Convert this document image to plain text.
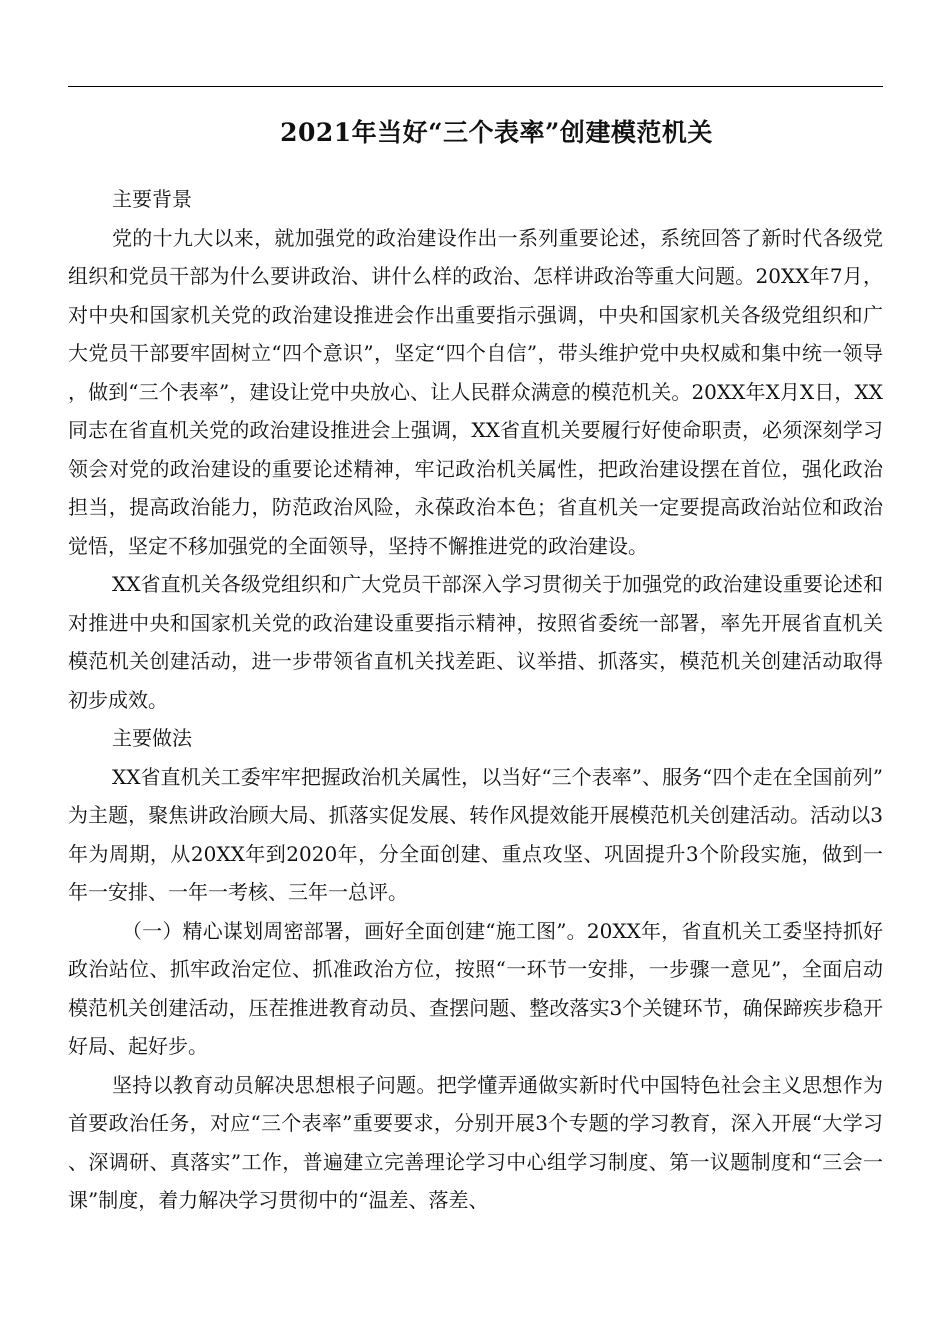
2021年当好“三个表率”创建模范机关

主要背景

党的十九大以来，就加强党的政治建设作出一系列重要论述，系统回答了新时代各级党组织和党员干部为什么要讲政治、讲什么样的政治、怎样讲政治等重大问题。20XX年7月，对中央和国家机关党的政治建设推进会作出重要指示强调，中央和国家机关各级党组织和广大党员干部要牢固树立“四个意识”，坚定“四个自信”，带头维护党中央权威和集中统一领导，做到“三个表率”，建设让党中央放心、让人民群众满意的模范机关。20XX年X月X日，XX同志在省直机关党的政治建设推进会上强调，XX省直机关要履行好使命职责，必须深刻学习领会对党的政治建设的重要论述精神，牢记政治机关属性，把政治建设摆在首位，强化政治担当，提高政治能力，防范政治风险，永葆政治本色；省直机关一定要提高政治站位和政治觉悟，坚定不移加强党的全面领导，坚持不懈推进党的政治建设。

XX省直机关各级党组织和广大党员干部深入学习贯彻关于加强党的政治建设重要论述和对推进中央和国家机关党的政治建设重要指示精神，按照省委统一部署，率先开展省直机关模范机关创建活动，进一步带领省直机关找差距、议举措、抓落实，模范机关创建活动取得初步成效。

主要做法

XX省直机关工委牢牢把握政治机关属性，以当好“三个表率”、服务“四个走在全国前列”为主题，聚焦讲政治顾大局、抓落实促发展、转作风提效能开展模范机关创建活动。活动以3年为周期，从20XX年到2020年，分全面创建、重点攻坚、巩固提升3个阶段实施，做到一年一安排、一年一考核、三年一总评。

（一）精心谋划周密部署，画好全面创建“施工图”。20XX年，省直机关工委坚持抓好政治站位、抓牢政治定位、抓准政治方位，按照“一环节一安排，一步骤一意见”，全面启动模范机关创建活动，压茬推进教育动员、查摆问题、整改落实3个关键环节，确保蹄疾步稳开好局、起好步。

坚持以教育动员解决思想根子问题。把学懂弄通做实新时代中国特色社会主义思想作为首要政治任务，对应“三个表率”重要要求，分别开展3个专题的学习教育，深入开展“大学习、深调研、真落实”工作，普遍建立完善理论学习中心组学习制度、第一议题制度和“三会一课”制度，着力解决学习贯彻中的“温差、落差、
